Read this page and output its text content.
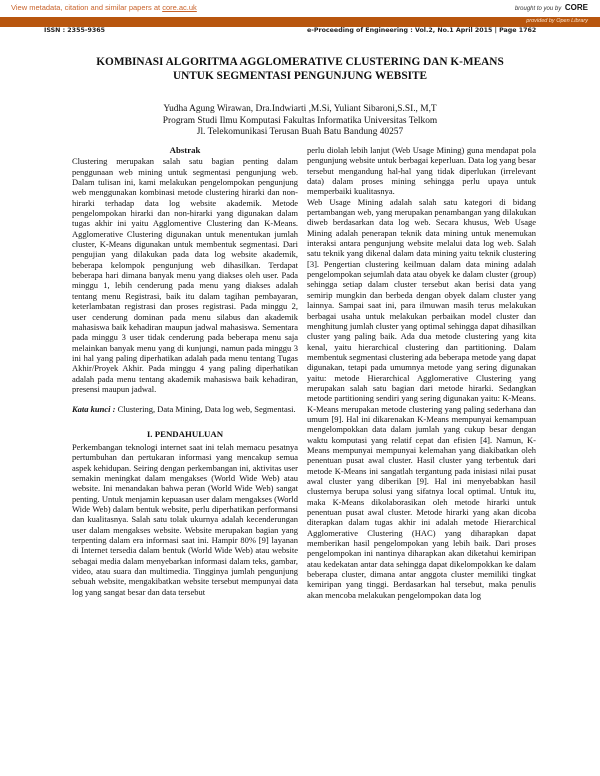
View metadata, citation and similar papers at core.ac.uk	brought to you by CORE
provided by Open Library
ISSN : 2355-9365	e-Proceeding of Engineering : Vol.2, No.1 April 2015 | Page 1762
KOMBINASI ALGORITMA AGGLOMERATIVE CLUSTERING DAN K-MEANS
UNTUK SEGMENTASI PENGUNJUNG WEBSITE
Yudha Agung Wirawan, Dra.Indwiarti ,M.Si, Yuliant Sibaroni,S.SI., M,T
Program Studi Ilmu Komputasi Fakultas Informatika Universitas Telkom
Jl. Telekomunikasi Terusan Buah Batu Bandung 40257
Abstrak

Clustering merupakan salah satu bagian penting dalam penggunaan web mining untuk segmentasi pengunjung web. Dalam tulisan ini, kami melakukan pengelompokan pengunjung web menggunakan kombinasi metode clustering hirarki dan non-hirarki terhadap data log website akademik. Metode pengelompokan hirarki dan non-hirarki yang digunakan dalam tugas akhir ini yaitu Agglomentive Clustering dan K-Means. Agglomerative Clustering digunakan untuk menentukan jumlah cluster, K-Means digunakan untuk membentuk segmentasi. Dari pengujian yang dilakukan pada data log website akademik, beberapa kelompok pengunjung web dihasilkan. Terdapat beberapa hari dimana banyak menu yang diakses oleh user. Pada minggu 1, lebih cenderung pada menu yang diakses adalah tentang menu Registrasi, baik itu dalam tagihan pembayaran, keterlambatan registrasi dan proses registrasi. Pada minggu 2, user cenderung dominan pada menu silabus dan akademik mahasiswa baik kehadiran maupun jadwal mahasiswa. Sementara pada minggu 3 user tidak cenderung pada beberapa menu saja melainkan banyak menu yang di kunjungi, namun pada minggu 3 ini hal yang paling diperhatikan adalah pada menu tentang Tugas Akhir/Proyek Akhir. Pada minggu 4 yang paling diperhatikan adalah pada menu tentang akademik mahasiswa baik kehadiran, presensi maupun jadwal.

Kata kunci : Clustering, Data Mining, Data log web, Segmentasi.

I. PENDAHULUAN

Perkembangan teknologi internet saat ini telah memacu pesatnya pertumbuhan dan pertukaran informasi yang mencakup semua aspek kehidupan. Seiring dengan perkembangan ini, aktivitas user semakin meningkat dalam mengakses (World Wide Web) atau website. Ini menandakan bahwa peran (World Wide Web) sangat penting. Untuk menjamin kepuasan user dalam mengakses (World Wide Web) dalam bentuk website, perlu diperhatikan performansi dan kualitasnya. Salah satu tolak ukurnya adalah kecenderungan user dalam mengakses website. Website merupakan bagian yang terpenting dalam era informasi saat ini. Hampir 80% [9] layanan di Internet tersedia dalam bentuk (World Wide Web) atau website sebagai media dalam menyebarkan informasi dalam teks, gambar, video, atau suara dan multimedia. Tingginya jumlah pengunjung sebuah website, mengakibatkan website tersebut mempunyai data log yang sangat besar dan data tersebut

perlu diolah lebih lanjut (Web Usage Mining) guna mendapat pola pengunjung website untuk berbagai keperluan. Data log yang besar tersebut mengandung hal-hal yang tidak diperlukan (irrelevant data) dalam proses mining sehingga perlu upaya untuk memperbaiki kualitasnya.

Web Usage Mining adalah salah satu kategori di bidang pertambangan web, yang merupakan penambangan yang dilakukan diweb berdasarkan data log web. Secara khusus, Web Usage Mining adalah penerapan teknik data mining untuk menemukan interaksi antara pengunjung website melalui data log web. Salah satu teknik yang dikenal dalam data mining yaitu teknik clustering [3]. Pengertian clustering keilmuan dalam data mining adalah pengelompokan sejumlah data atau obyek ke dalam cluster (group) sehingga setiap dalam cluster tersebut akan berisi data yang semirip mungkin dan berbeda dengan obyek dalam cluster yang lainnya. Sampai saat ini, para ilmuwan masih terus melakukan berbagai usaha untuk melakukan perbaikan model cluster dan menghitung jumlah cluster yang optimal sehingga dapat dihasilkan cluster yang paling baik. Ada dua metode clustering yang kita kenal, yaitu hierarchical clustering dan partitioning. Dalam membentuk segmentasi clustering ada beberapa metode yang dapat digunakan, tetapi pada umumnya metode yang sering digunakan yaitu: metode Hierarchical Agglomerative Clustering yang merupakan salah satu bagian dari metode hirarki. Sedangkan metode partitioning sendiri yang sering digunakan yaitu: K-Means. K-Means merupakan metode clustering yang paling sederhana dan umum [9]. Hal ini dikarenakan K-Means mempunyai kemampuan mengelompokkan data dalam jumlah yang cukup besar dengan waktu komputasi yang relatif cepat dan efisien [4]. Namun, K-Means mempunyai mempunyai kelemahan yang diakibatkan oleh penentuan pusat awal cluster. Hasil cluster yang terbentuk dari metode K-Means ini sangatlah tergantung pada inisiasi nilai pusat awal cluster yang diberikan [9]. Hal ini menyebabkan hasil clusternya berupa solusi yang sifatnya local optimal. Untuk itu, maka K-Means dikolaborasikan oleh metode hirarki untuk penentuan pusat awal cluster. Metode hirarki yang akan dicoba diterapkan dalam tugas akhir ini adalah metode Hierarchical Agglomerative Clustering (HAC) yang diharapkan dapat memberikan hasil pengelompokan yang lebih baik. Dari proses pengelompokan ini nantinya diharapkan akan diketahui kemiripan atau kedekatan antar data sehingga dapat dikelompokkan ke dalam beberapa cluster, dimana antar anggota cluster memiliki tingkat kemiripan yang tinggi. Berdasarkan hal tersebut, maka penulis akan mencoba melakukan pengelompokan data log
